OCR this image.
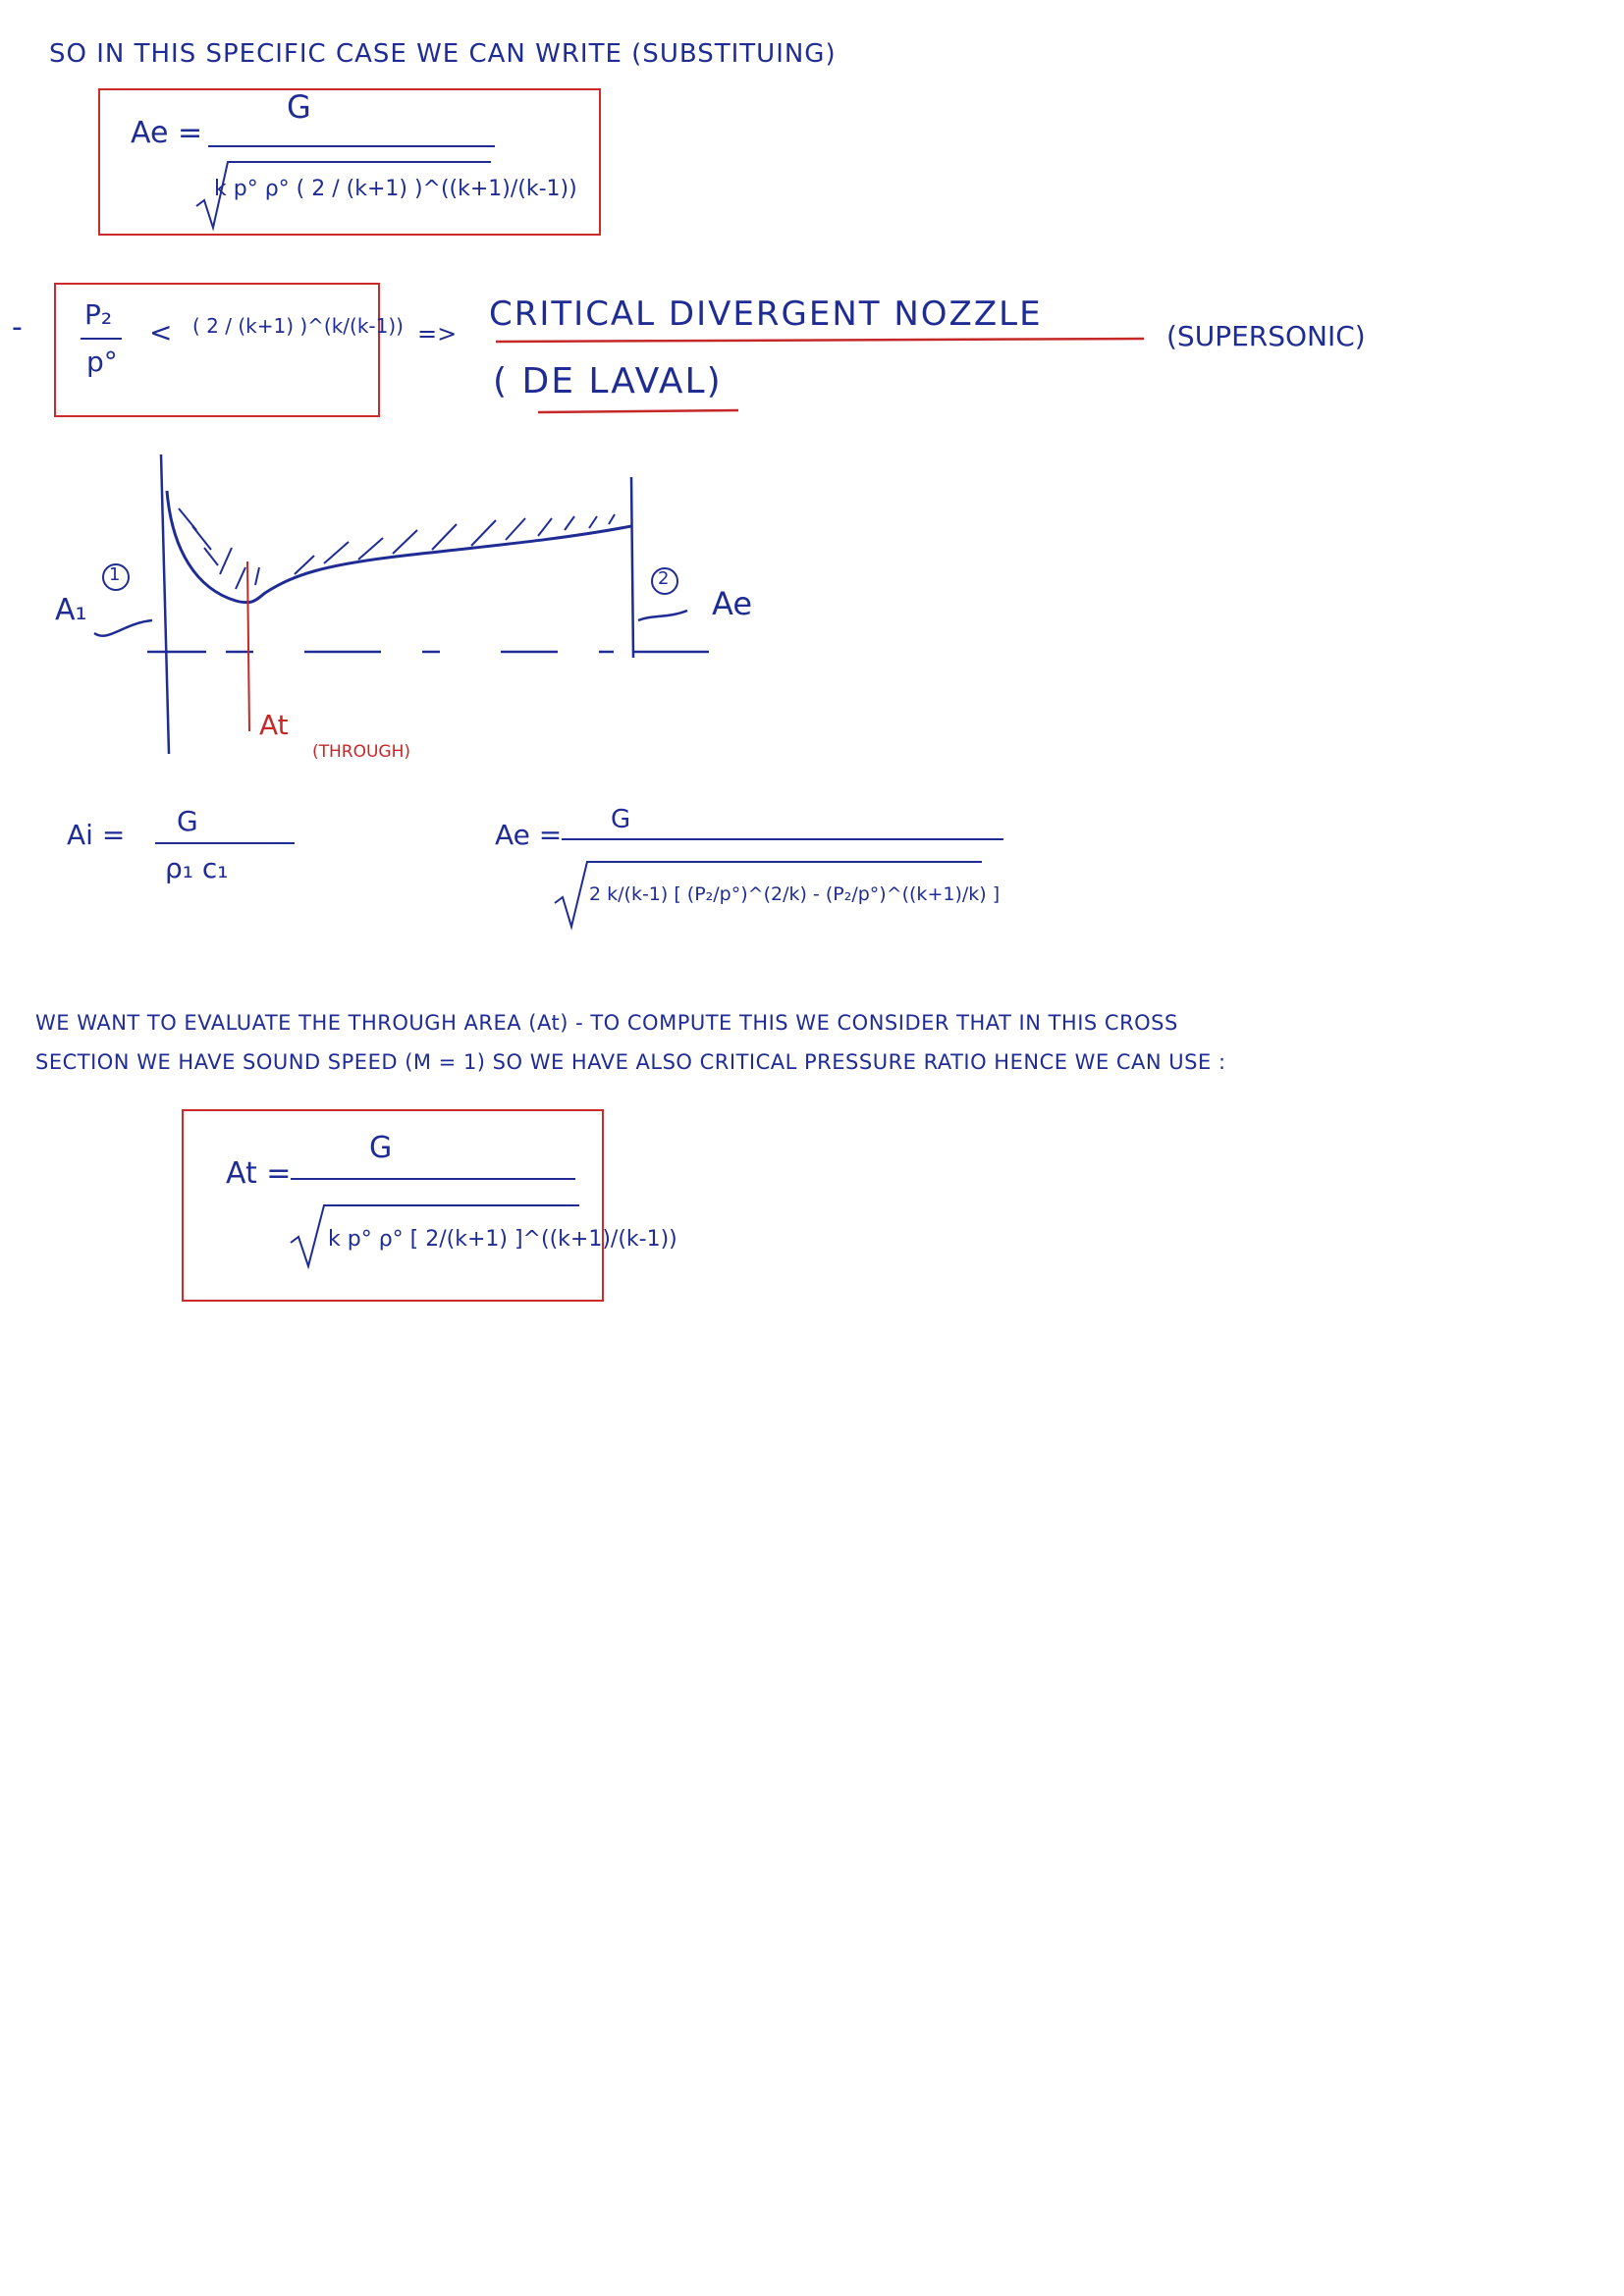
SO IN THIS SPECIFIC CASE WE CAN WRITE (SUBSTITUING)
Ae =
G
k p° ρ° ( 2 / (k+1) )^((k+1)/(k-1))
- P₂
p°
< ( 2 / (k+1) )^(k/(k-1)) => CRITICAL DIVERGENT NOZZLE
(SUPERSONIC)
( DE LAVAL)
A₁
1	2
Ae
At
(THROUGH)
Ai = G
ρ₁ c₁
Ae = G
2 k/(k-1) [ (P₂/p°)^(2/k) - (P₂/p°)^((k+1)/k) ]
WE WANT TO EVALUATE THE THROUGH AREA (At) - TO COMPUTE THIS WE CONSIDER THAT IN THIS CROSS
SECTION WE HAVE SOUND SPEED (M = 1) SO WE HAVE ALSO CRITICAL PRESSURE RATIO HENCE WE CAN USE :
At =
G
k p° ρ° [ 2/(k+1) ]^((k+1)/(k-1))
